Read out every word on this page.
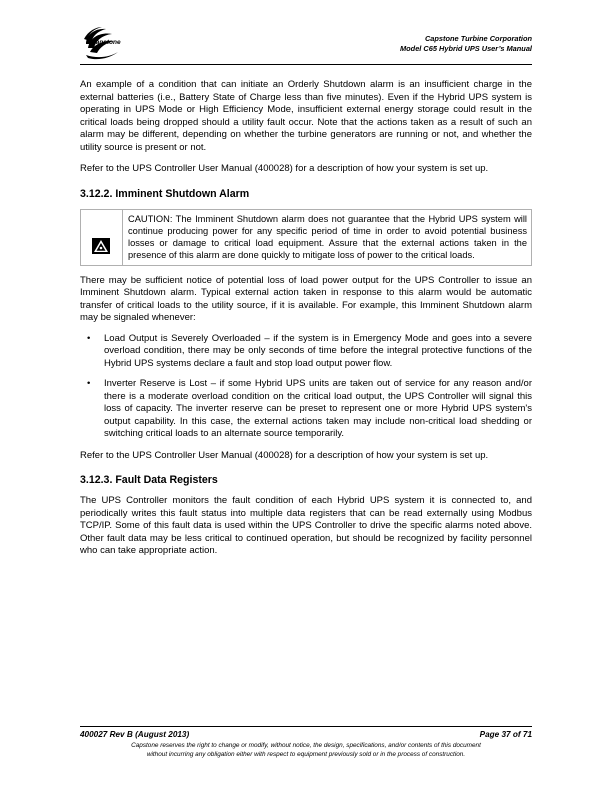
Capstone	Capstone Turbine Corporation
Model C65 Hybrid UPS User’s Manual

An example of a condition that can initiate an Orderly Shutdown alarm is an insufficient charge in the external batteries (i.e., Battery State of Charge less than five minutes). Even if the Hybrid UPS system is operating in UPS Mode or High Efficiency Mode, insufficient external energy storage could result in the critical loads being dropped should a utility fault occur. Note that the actions taken as a result of such an alarm may be different, depending on whether the turbine generators are running or not, and whether the utility source is present or not.

Refer to the UPS Controller User Manual (400028) for a description of how your system is set up.

3.12.2. Imminent Shutdown Alarm
CAUTION: The Imminent Shutdown alarm does not guarantee that the Hybrid UPS system will continue producing power for any specific period of time in order to avoid potential business losses or damage to critical load equipment. Assure that the external actions taken in the presence of this alarm are done quickly to mitigate loss of power to the critical loads.

There may be sufficient notice of potential loss of load power output for the UPS Controller to issue an Imminent Shutdown alarm. Typical external action taken in response to this alarm would be automatic transfer of critical loads to the utility source, if it is available. For example, this Imminent Shutdown alarm may be signaled whenever:

• Load Output is Severely Overloaded – if the system is in Emergency Mode and goes into a severe overload condition, there may be only seconds of time before the integral protective functions of the Hybrid UPS systems declare a fault and stop load output power flow.
• Inverter Reserve is Lost – if some Hybrid UPS units are taken out of service for any reason and/or there is a moderate overload condition on the critical load output, the UPS Controller will signal this loss of capacity. The inverter reserve can be preset to represent one or more Hybrid UPS system's output capability. In this case, the external actions taken may include non-critical load shedding or switching critical loads to an alternate source temporarily.

Refer to the UPS Controller User Manual (400028) for a description of how your system is set up.

3.12.3. Fault Data Registers

The UPS Controller monitors the fault condition of each Hybrid UPS system it is connected to, and periodically writes this fault status into multiple data registers that can be read externally using Modbus TCP/IP. Some of this fault data is used within the UPS Controller to drive the specific alarms noted above. Other fault data may be less critical to continued operation, but should be recognized by facility personnel who can take appropriate action.

400027 Rev B (August 2013)	Page 37 of 71
Capstone reserves the right to change or modify, without notice, the design, specifications, and/or contents of this document
without incurring any obligation either with respect to equipment previously sold or in the process of construction.
